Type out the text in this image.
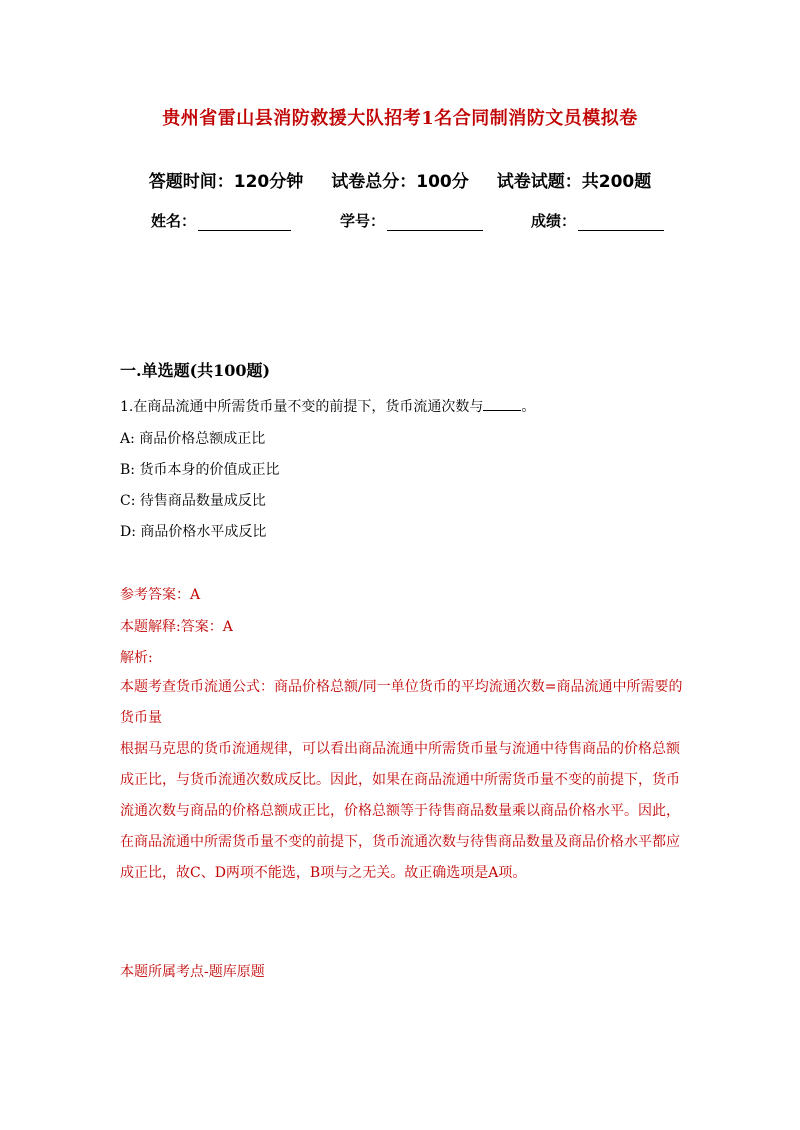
贵州省雷山县消防救援大队招考1名合同制消防文员模拟卷
答题时间：120分钟 试卷总分：100分 试卷试题：共200题
姓名：	学号：	成绩：
一.单选题(共100题)
1.在商品流通中所需货币量不变的前提下，货币流通次数与	。
A: 商品价格总额成正比
B: 货币本身的价值成正比
C: 待售商品数量成反比
D: 商品价格水平成反比
参考答案：A
本题解释:答案：A
解析:
本题考查货币流通公式：商品价格总额/同一单位货币的平均流通次数=商品流通中所需要的货币量
根据马克思的货币流通规律，可以看出商品流通中所需货币量与流通中待售商品的价格总额成正比，与货币流通次数成反比。因此，如果在商品流通中所需货币量不变的前提下，货币流通次数与商品的价格总额成正比，价格总额等于待售商品数量乘以商品价格水平。因此，在商品流通中所需货币量不变的前提下，货币流通次数与待售商品数量及商品价格水平都应成正比，故C、D两项不能选，B项与之无关。故正确选项是A项。
本题所属考点-题库原题
